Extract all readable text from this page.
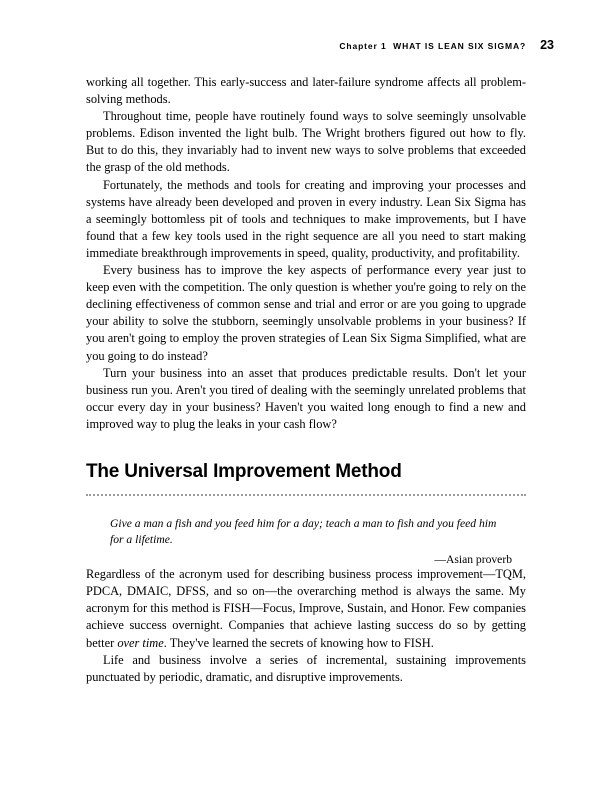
Chapter 1 WHAT IS LEAN SIX SIGMA? 23

working all together. This early-success and later-failure syndrome affects all problem-solving methods.

Throughout time, people have routinely found ways to solve seemingly unsolvable problems. Edison invented the light bulb. The Wright brothers figured out how to fly. But to do this, they invariably had to invent new ways to solve problems that exceeded the grasp of the old methods.

Fortunately, the methods and tools for creating and improving your processes and systems have already been developed and proven in every industry. Lean Six Sigma has a seemingly bottomless pit of tools and techniques to make improvements, but I have found that a few key tools used in the right sequence are all you need to start making immediate breakthrough improvements in speed, quality, productivity, and profitability.

Every business has to improve the key aspects of performance every year just to keep even with the competition. The only question is whether you're going to rely on the declining effectiveness of common sense and trial and error or are you going to upgrade your ability to solve the stubborn, seemingly unsolvable problems in your business? If you aren't going to employ the proven strategies of Lean Six Sigma Simplified, what are you going to do instead?

Turn your business into an asset that produces predictable results. Don't let your business run you. Aren't you tired of dealing with the seemingly unrelated problems that occur every day in your business? Haven't you waited long enough to find a new and improved way to plug the leaks in your cash flow?

The Universal Improvement Method

Give a man a fish and you feed him for a day; teach a man to fish and you feed him for a lifetime.

—Asian proverb

Regardless of the acronym used for describing business process improvement—TQM, PDCA, DMAIC, DFSS, and so on—the overarching method is always the same. My acronym for this method is FISH—Focus, Improve, Sustain, and Honor. Few companies achieve success overnight. Companies that achieve lasting success do so by getting better over time. They've learned the secrets of knowing how to FISH.

Life and business involve a series of incremental, sustaining improvements punctuated by periodic, dramatic, and disruptive improvements.
